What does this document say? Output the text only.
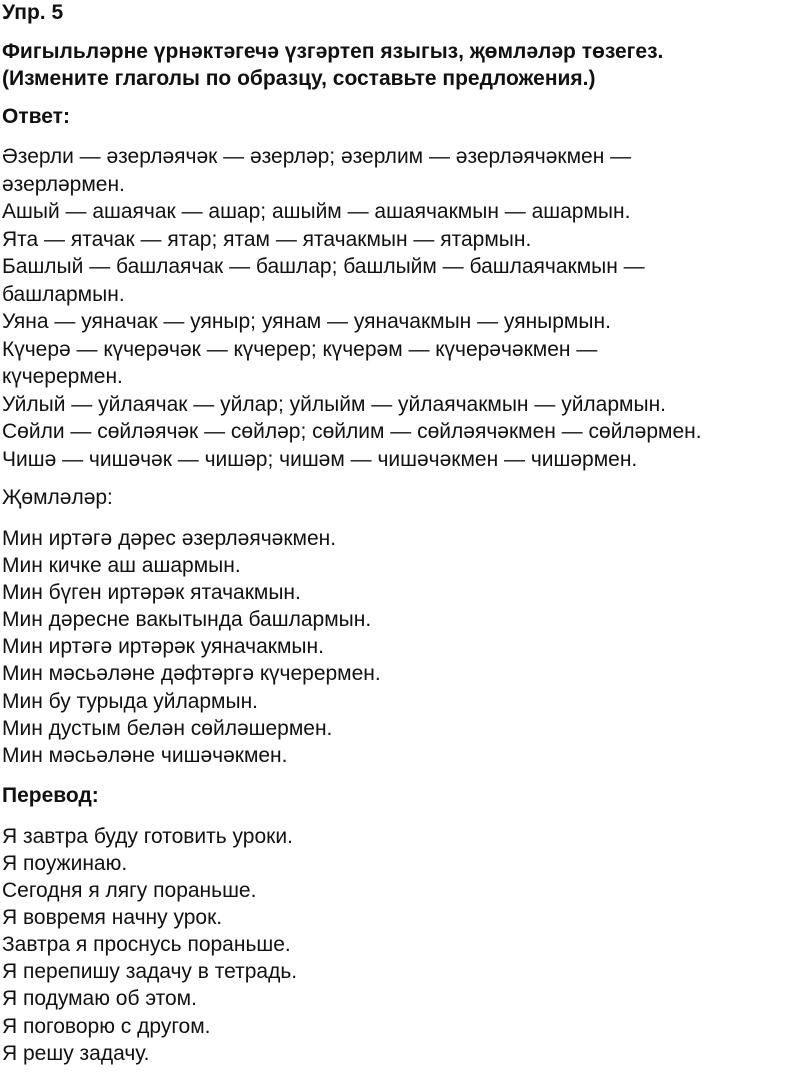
Упр. 5
Фигыльләрне үрнәктәгечә үзгәртеп языгыз, җөмләләр төзегез.
(Измените глаголы по образцу, составьте предложения.)
Ответ:
Әзерли — әзерләячәк — әзерләр; әзерлим — әзерләячәкмен —
әзерләрмен.
Ашый — ашаячак — ашар; ашыйм — ашаячакмын — ашармын.
Ята — ятачак — ятар; ятам — ятачакмын — ятармын.
Башлый — башлаячак — башлар; башлыйм — башлаячакмын —
башлармын.
Уяна — уяначак — уяныр; уянам — уяначакмын — уянырмын.
Күчерә — күчерәчәк — күчерер; күчерәм — күчерәчәкмен —
күчерермен.
Уйлый — уйлаячак — уйлар; уйлыйм — уйлаячакмын — уйлармын.
Сөйли — сөйләячәк — сөйләр; сөйлим — сөйләячәкмен — сөйләрмен.
Чишә — чишәчәк — чишәр; чишәм — чишәчәкмен — чишәрмен.
Җөмләләр:
Мин иртәгә дәрес әзерләячәкмен.
Мин кичке аш ашармын.
Мин бүген иртәрәк ятачакмын.
Мин дәресне вакытында башлармын.
Мин иртәгә иртәрәк уяначакмын.
Мин мәсьәләне дәфтәргә күчерермен.
Мин бу турыда уйлармын.
Мин дустым белән сөйләшермен.
Мин мәсьәләне чишәчәкмен.
Перевод:
Я завтра буду готовить уроки.
Я поужинаю.
Сегодня я лягу пораньше.
Я вовремя начну урок.
Завтра я проснусь пораньше.
Я перепишу задачу в тетрадь.
Я подумаю об этом.
Я поговорю с другом.
Я решу задачу.
